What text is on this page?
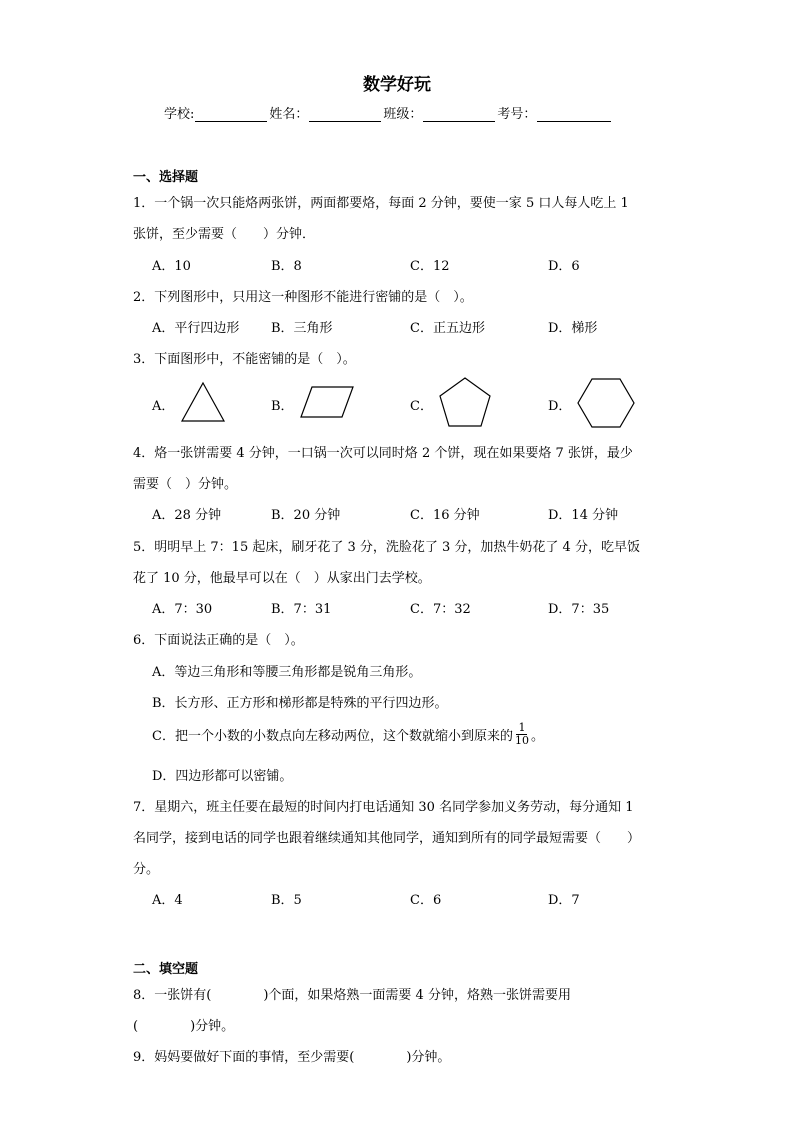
数学好玩
学校:	姓名：	班级：	考号：
一、选择题
1．一个锅一次只能烙两张饼，两面都要烙，每面 2 分钟，要使一家 5 口人每人吃上 1
张饼，至少需要（　　）分钟．
A．10	B．8	C．12	D．6
2．下列图形中，只用这一种图形不能进行密铺的是（　）。
A．平行四边形 B．三角形	C．正五边形	D．梯形
3．下面图形中，不能密铺的是（　）。
A．	B．	C．	D．
4．烙一张饼需要 4 分钟，一口锅一次可以同时烙 2 个饼，现在如果要烙 7 张饼，最少
需要（　）分钟。
A．28 分钟	B．20 分钟	C．16 分钟	D．14 分钟
5．明明早上 7：15 起床，刷牙花了 3 分，洗脸花了 3 分，加热牛奶花了 4 分，吃早饭
花了 10 分，他最早可以在（　）从家出门去学校。
A．7：30	B．7：31	C．7：32	D．7：35
6．下面说法正确的是（　）。
A．等边三角形和等腰三角形都是锐角三角形。
B．长方形、正方形和梯形都是特殊的平行四边形。
C．把一个小数的小数点向左移动两位，这个数就缩小到原来的 $\frac{1}{10}$ 。
D．四边形都可以密铺。
7．星期六，班主任要在最短的时间内打电话通知 30 名同学参加义务劳动，每分通知 1
名同学，接到电话的同学也跟着继续通知其他同学，通知到所有的同学最短需要（　　）
分。
A．4	B．5	C．6	D．7
二、填空题
8．一张饼有(　　　　)个面，如果烙熟一面需要 4 分钟，烙熟一张饼需要用
(　　　　)分钟。
9．妈妈要做好下面的事情，至少需要(　　　　)分钟。
